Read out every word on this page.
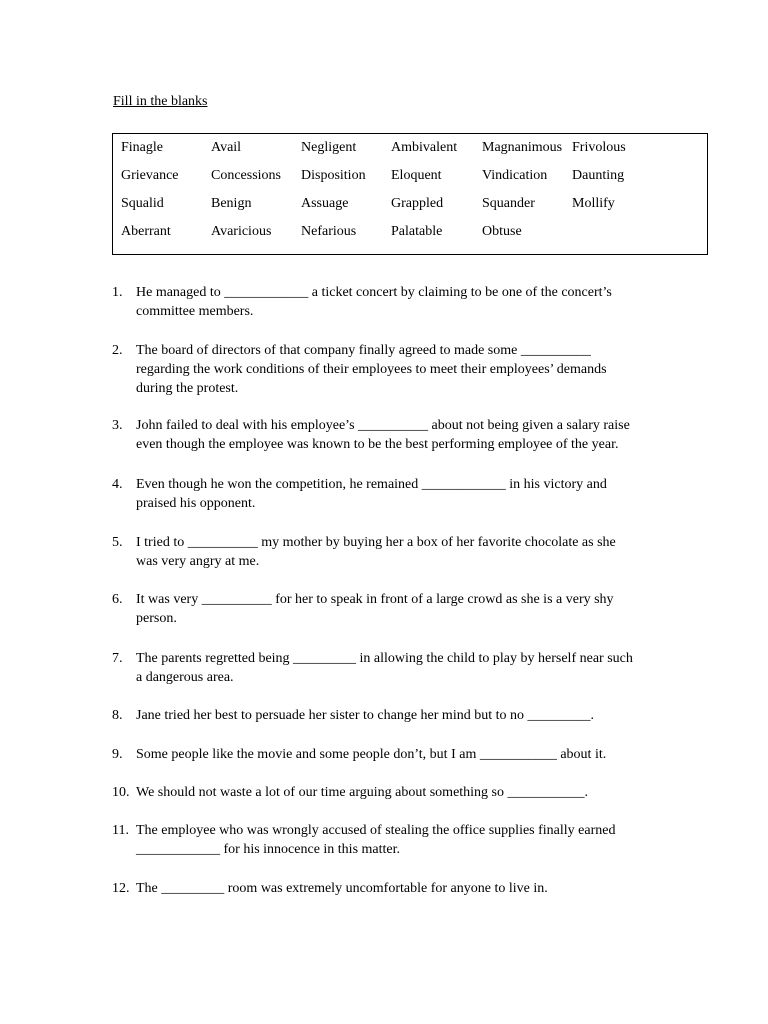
Fill in the blanks
Finagle	Avail	Negligent Ambivalent Magnanimous Frivolous
Grievance Concessions Disposition Eloquent	Vindication Daunting
Squalid	Benign	Assuage	Grappled	Squander	Mollify
Aberrant	Avaricious Nefarious Palatable	Obtuse
1. He managed to ____________ a ticket concert by claiming to be one of the concert’s
committee members.
2. The board of directors of that company finally agreed to made some __________
regarding the work conditions of their employees to meet their employees’ demands
during the protest.
3. John failed to deal with his employee’s __________ about not being given a salary raise
even though the employee was known to be the best performing employee of the year.
4. Even though he won the competition, he remained ____________ in his victory and
praised his opponent.
5. I tried to __________ my mother by buying her a box of her favorite chocolate as she
was very angry at me.
6. It was very __________ for her to speak in front of a large crowd as she is a very shy
person.
7. The parents regretted being _________ in allowing the child to play by herself near such
a dangerous area.
8. Jane tried her best to persuade her sister to change her mind but to no _________.
9. Some people like the movie and some people don’t, but I am ___________ about it.
10. We should not waste a lot of our time arguing about something so ___________.
11. The employee who was wrongly accused of stealing the office supplies finally earned
____________ for his innocence in this matter.
12. The _________ room was extremely uncomfortable for anyone to live in.
